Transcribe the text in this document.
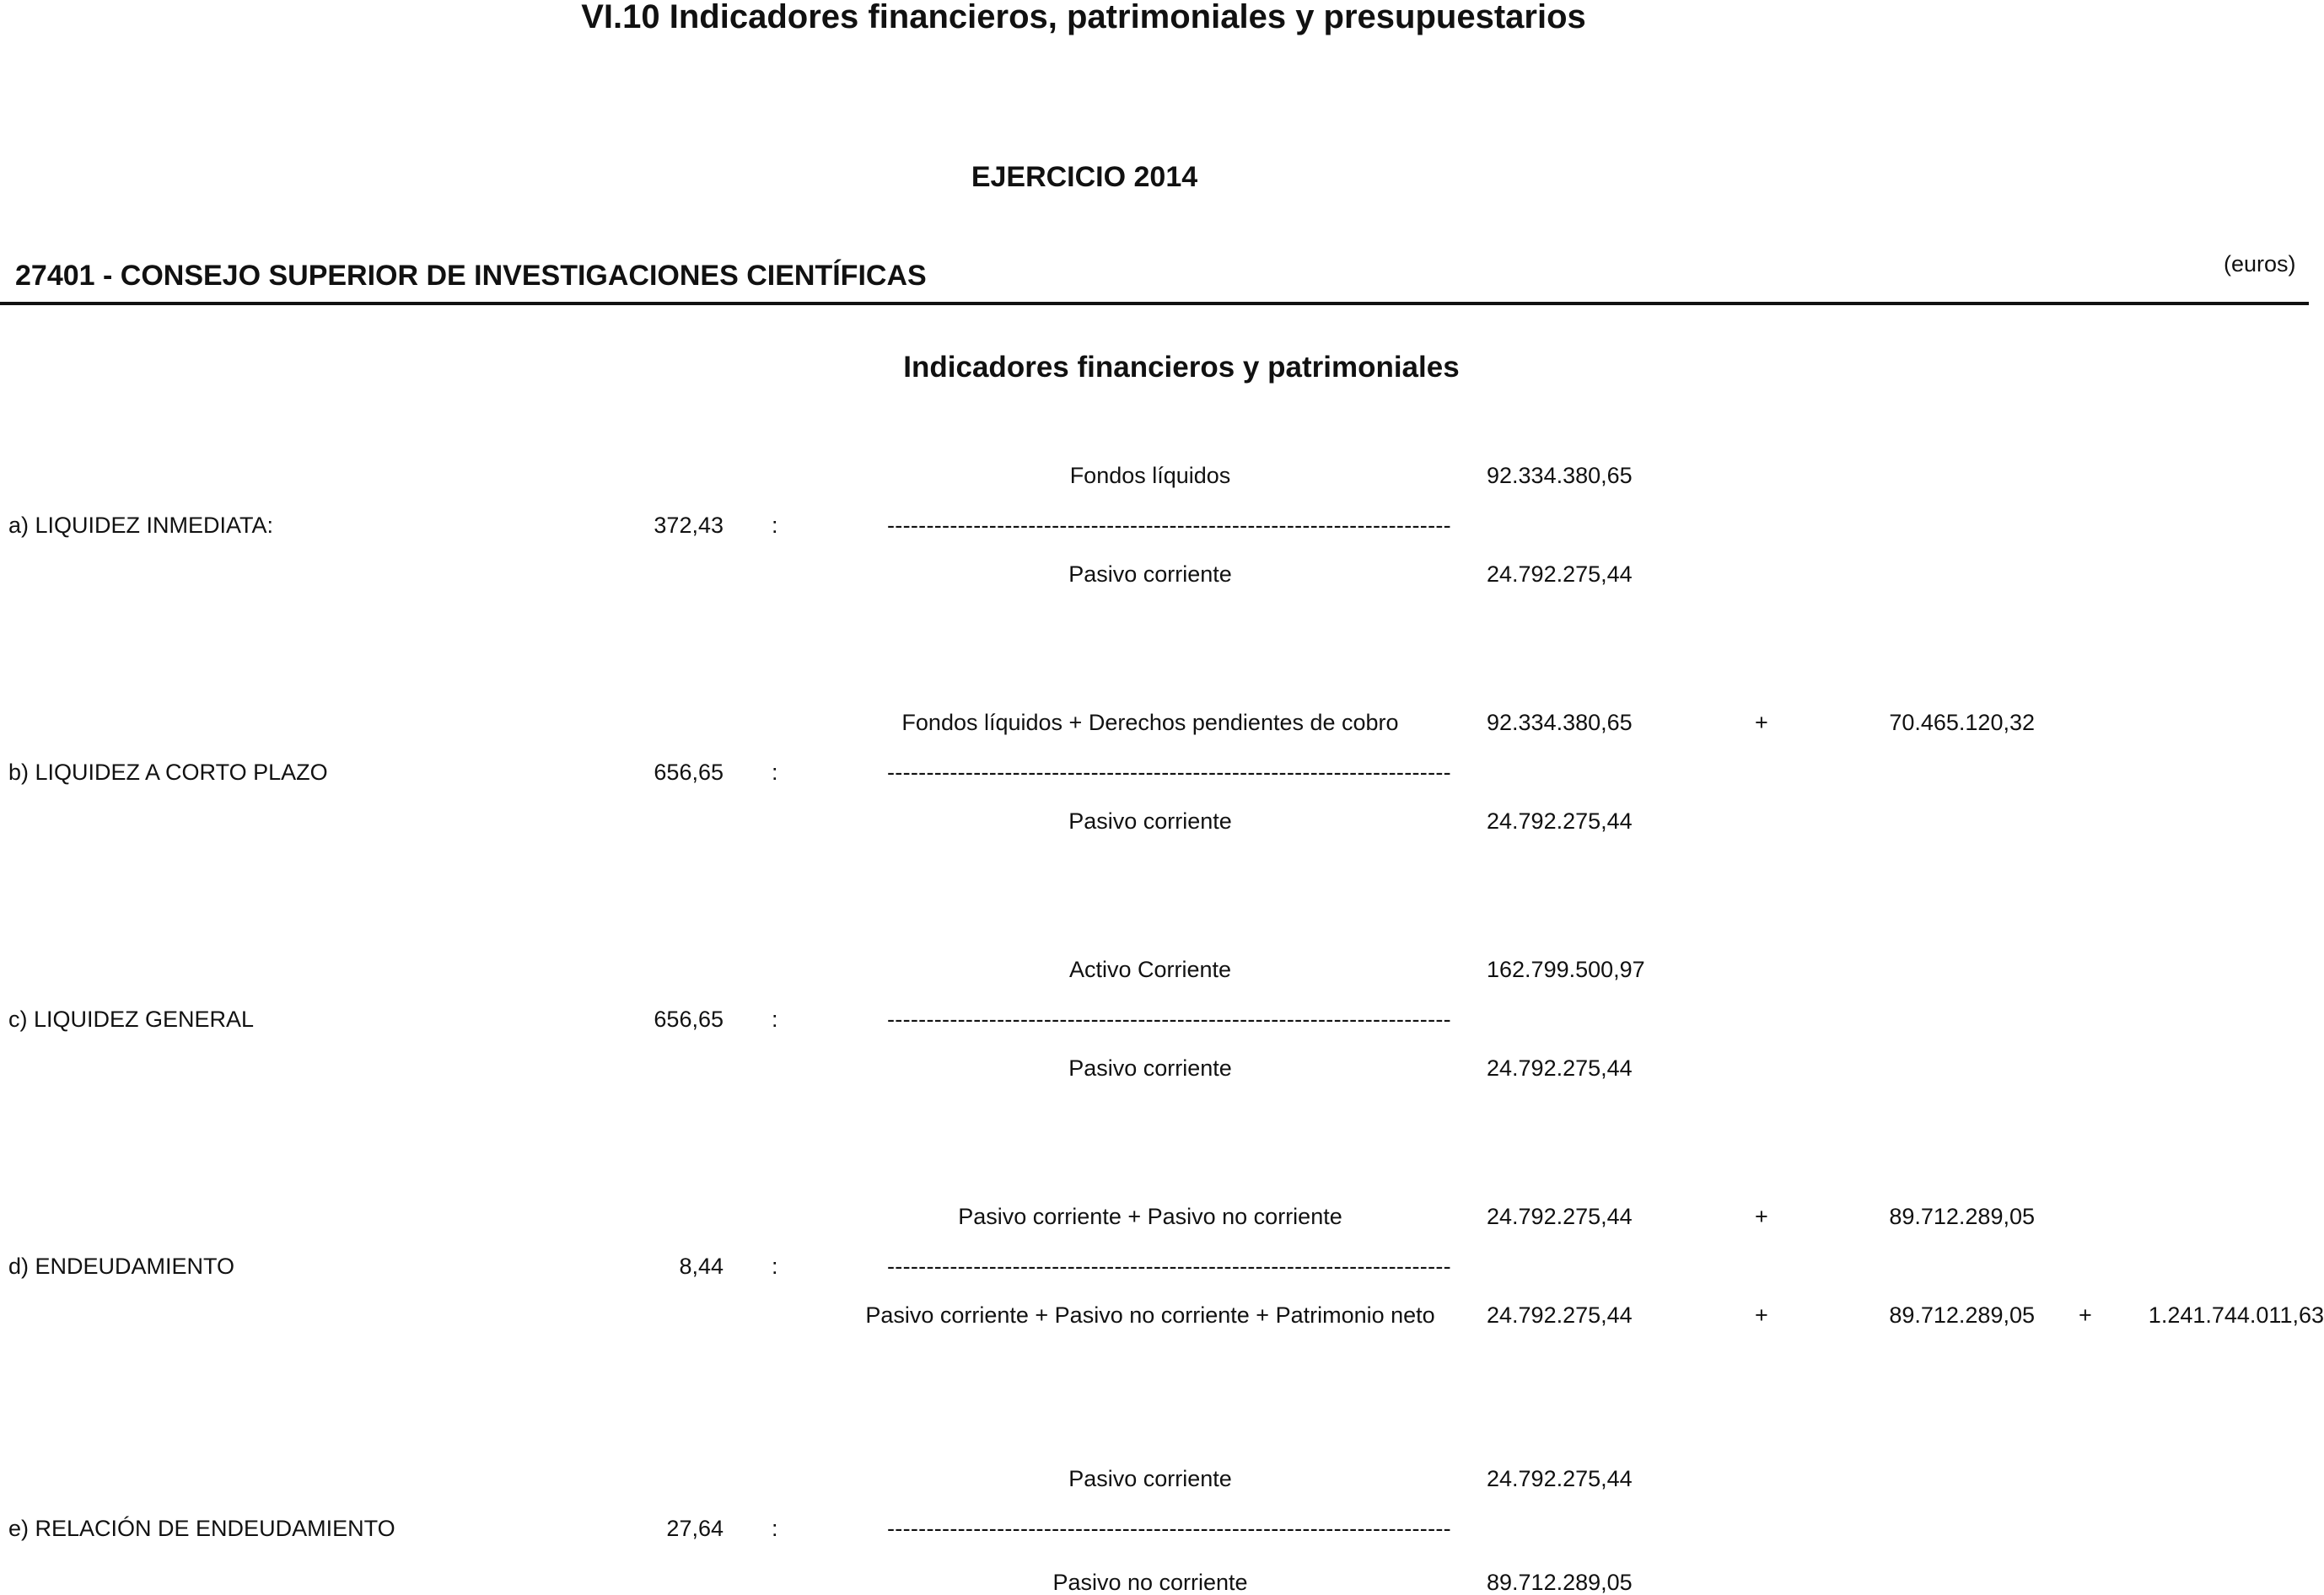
VI.10 Indicadores financieros, patrimoniales y presupuestarios
EJERCICIO 2014
27401 - CONSEJO SUPERIOR DE INVESTIGACIONES CIENTÍFICAS	(euros)
Indicadores financieros y patrimoniales
Fondos líquidos	92.334.380,65
a) LIQUIDEZ INMEDIATA:	372,43 :	------------------------------------------------------------------------
Pasivo corriente	24.792.275,44
Fondos líquidos + Derechos pendientes de cobro	92.334.380,65	+	70.465.120,32
b) LIQUIDEZ A CORTO PLAZO	656,65 :	------------------------------------------------------------------------
Pasivo corriente	24.792.275,44
Activo Corriente	162.799.500,97
c) LIQUIDEZ GENERAL	656,65 :	------------------------------------------------------------------------
Pasivo corriente	24.792.275,44
Pasivo corriente + Pasivo no corriente	24.792.275,44	+	89.712.289,05
d) ENDEUDAMIENTO	8,44 :	------------------------------------------------------------------------
Pasivo corriente + Pasivo no corriente + Patrimonio neto	24.792.275,44	+	89.712.289,05 + 1.241.744.011,63
Pasivo corriente	24.792.275,44
e) RELACIÓN DE ENDEUDAMIENTO	27,64 :	------------------------------------------------------------------------
Pasivo no corriente	89.712.289,05
